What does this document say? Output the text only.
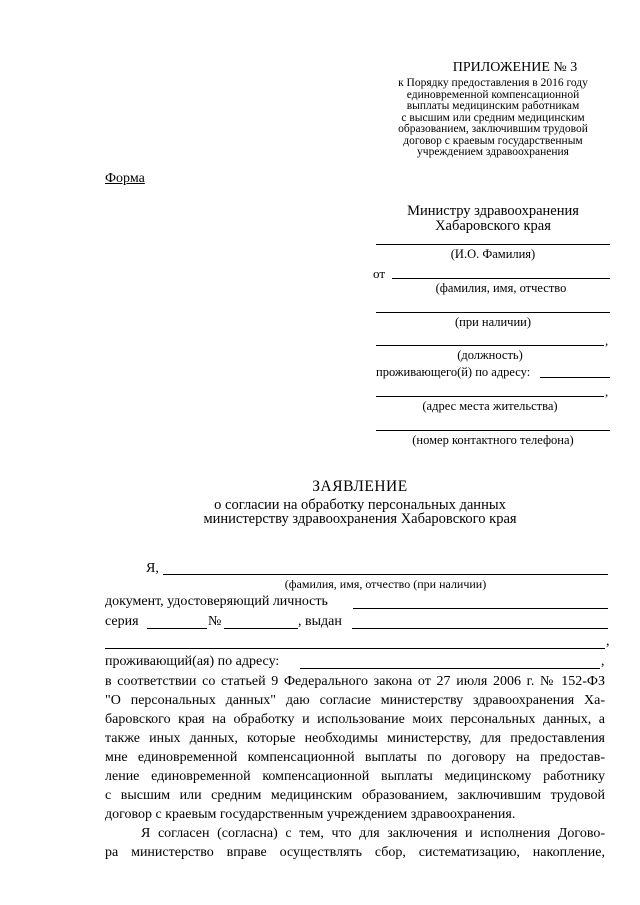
ПРИЛОЖЕНИЕ № 3
к Порядку предоставления в 2016 году
единовременной компенсационной
выплаты медицинским работникам
с высшим или средним медицинским
образованием, заключившим трудовой
договор с краевым государственным
учреждением здравоохранения
Форма
Министру здравоохранения
Хабаровского края
(И.О. Фамилия)
от
(фамилия, имя, отчество
(при наличии)
,
(должность)
проживающего(й) по адресу:
,
(адрес места жительства)
(номер контактного телефона)
ЗАЯВЛЕНИЕ
о согласии на обработку персональных данных
министерству здравоохранения Хабаровского края
Я,
(фамилия, имя, отчество (при наличии)
документ, удостоверяющий личность
серия	№	, выдан
,
проживающий(ая) по адресу:	,
в соответствии со статьей 9 Федерального закона от 27 июля 2006 г. № 152-ФЗ
"О персональных данных" даю согласие министерству здравоохранения Ха-
баровского края на обработку и использование моих персональных данных, а
также иных данных, которые необходимы министерству, для предоставления
мне единовременной компенсационной выплаты по договору на предостав-
ление единовременной компенсационной выплаты медицинскому работнику
с высшим или средним медицинским образованием, заключившим трудовой
договор с краевым государственным учреждением здравоохранения.
Я согласен (согласна) с тем, что для заключения и исполнения Догово-
ра министерство вправе осуществлять сбор, систематизацию, накопление,
